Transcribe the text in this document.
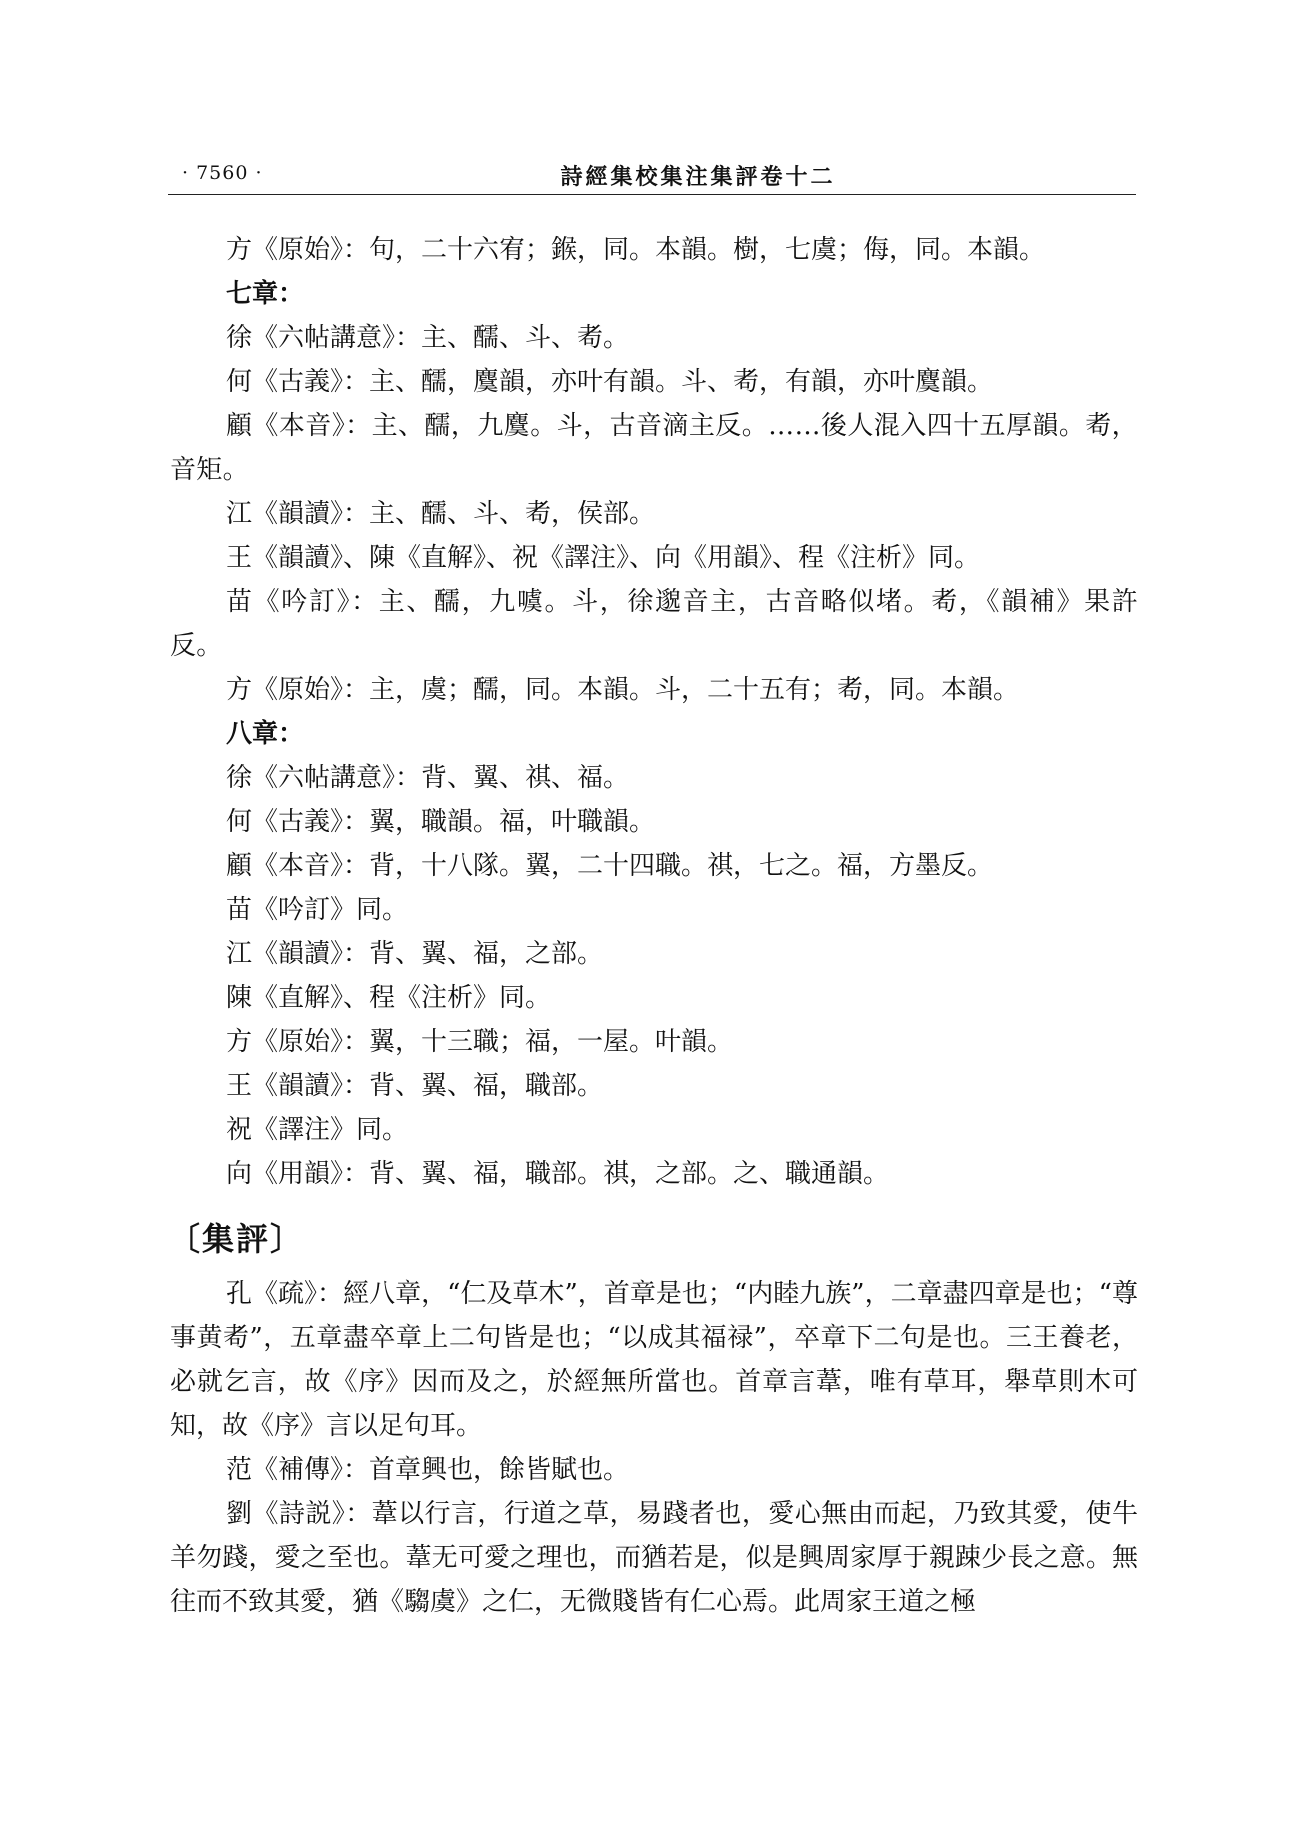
· 7560 ·	詩經集校集注集評卷十二

方《原始》：句，二十六宥；鍭，同。本韻。樹，七虞；侮，同。本韻。

七章：

徐《六帖講意》：主、醹、斗、耇。

何《古義》：主、醹，麌韻，亦叶有韻。斗、耇，有韻，亦叶麌韻。

顧《本音》：主、醹，九麌。斗，古音滴主反。……後人混入四十五厚韻。耇，音矩。

江《韻讀》：主、醹、斗、耇，侯部。

王《韻讀》、陳《直解》、祝《譯注》、向《用韻》、程《注析》同。

苗《吟訂》：主、醹，九噳。斗，徐邈音主，古音略似堵。耇，《韻補》果許反。

方《原始》：主，虞；醹，同。本韻。斗，二十五有；耇，同。本韻。

八章：

徐《六帖講意》：背、翼、祺、福。

何《古義》：翼，職韻。福，叶職韻。

顧《本音》：背，十八隊。翼，二十四職。祺，七之。福，方墨反。

苗《吟訂》同。

江《韻讀》：背、翼、福，之部。

陳《直解》、程《注析》同。

方《原始》：翼，十三職；福，一屋。叶韻。

王《韻讀》：背、翼、福，職部。

祝《譯注》同。

向《用韻》：背、翼、福，職部。祺，之部。之、職通韻。

〔集評〕

孔《疏》：經八章，“仁及草木”，首章是也；“内睦九族”，二章盡四章是也；“尊事黄耇”，五章盡卒章上二句皆是也；“以成其福禄”，卒章下二句是也。三王養老，必就乞言，故《序》因而及之，於經無所當也。首章言葦，唯有草耳，舉草則木可知，故《序》言以足句耳。

范《補傳》：首章興也，餘皆賦也。

劉《詩説》：葦以行言，行道之草，易踐者也，愛心無由而起，乃致其愛，使牛羊勿踐，愛之至也。葦无可愛之理也，而猶若是，似是興周家厚于親踈少長之意。無往而不致其愛，猶《騶虞》之仁，无微賤皆有仁心焉。此周家王道之極
